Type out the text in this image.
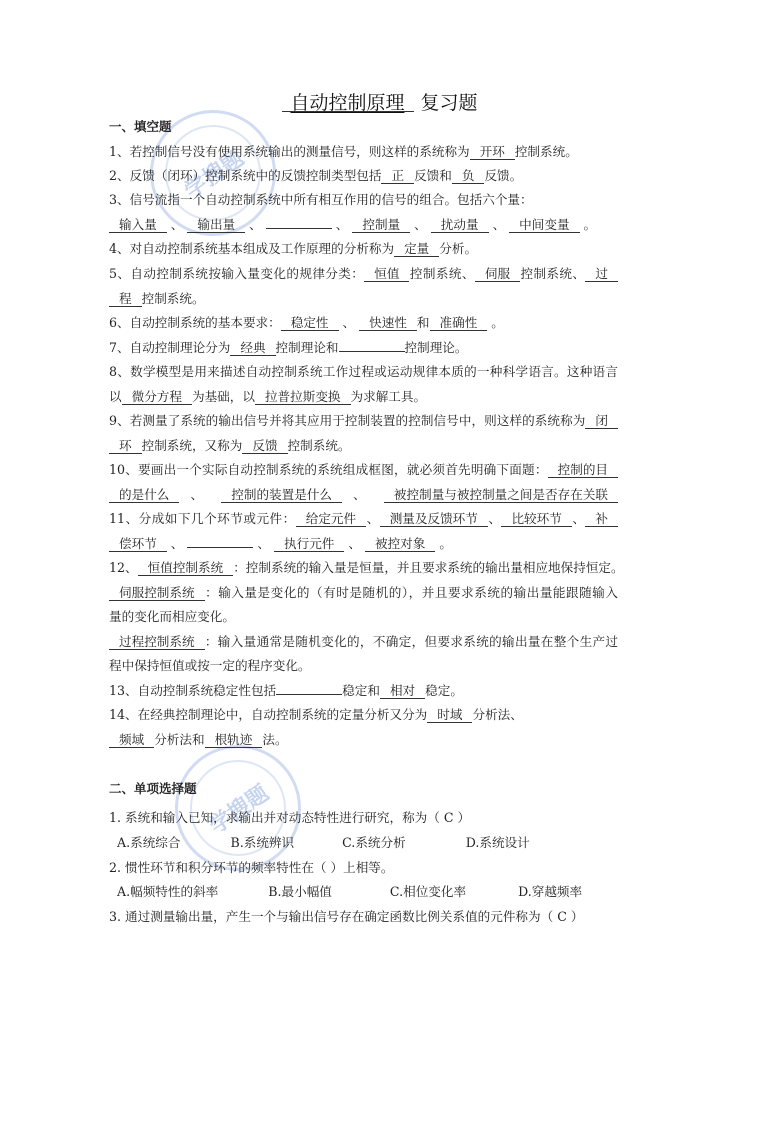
自动控制原理 复习题
学搜题
学搜题
一、填空题
1、若控制信号没有使用系统输出的测量信号，则这样的系统称为 开环 控制系统。
2、反馈（闭环）控制系统中的反馈控制类型包括 正 反馈和 负 反馈。
3、信号流指一个自动控制系统中所有相互作用的信号的组合。包括六个量：
输入量 、 输出量 、	、 控制量 、 扰动量 、 中间变量 。
4、对自动控制系统基本组成及工作原理的分析称为 定量 分析。
5、自动控制系统按输入量变化的规律分类： 恒值 控制系统、 伺服 控制系统、 过
程 控制系统。
6、自动控制系统的基本要求： 稳定性 、 快速性 和 准确性 。
7、自动控制理论分为 经典 控制理论和	控制理论。
8、数学模型是用来描述自动控制系统工作过程或运动规律本质的一种科学语言。这种语言
以 微分方程 为基础，以 拉普拉斯变换 为求解工具。
9、若测量了系统的输出信号并将其应用于控制装置的控制信号中，则这样的系统称为 闭
环 控制系统，又称为 反馈 控制系统。
10、要画出一个实际自动控制系统的系统组成框图，就必须首先明确下面题： 控制的目
的是什么 、 控制的装置是什么 、 被控制量与被控制量之间是否存在关联
11、分成如下几个环节或元件： 给定元件 、 测量及反馈环节 、 比较环节 、 补
偿环节 、	、 执行元件 、 被控对象 。
12、 恒值控制系统 ：控制系统的输入量是恒量，并且要求系统的输出量相应地保持恒定。
伺服控制系统 ：输入量是变化的（有时是随机的），并且要求系统的输出量能跟随输入
量的变化而相应变化。
过程控制系统 ：输入量通常是随机变化的，不确定，但要求系统的输出量在整个生产过
程中保持恒值或按一定的程序变化。
13、自动控制系统稳定性包括	稳定和 相对 稳定。
14、在经典控制理论中，自动控制系统的定量分析又分为 时域 分析法、
频域 分析法和 根轨迹 法。
二、单项选择题
1. 系统和输入已知，求输出并对动态特性进行研究，称为（ C ）
A.系统综合	B.系统辨识	C.系统分析	D.系统设计
2. 惯性环节和积分环节的频率特性在（ ）上相等。
A.幅频特性的斜率	B.最小幅值	C.相位变化率	D.穿越频率
3. 通过测量输出量，产生一个与输出信号存在确定函数比例关系值的元件称为（ C ）
